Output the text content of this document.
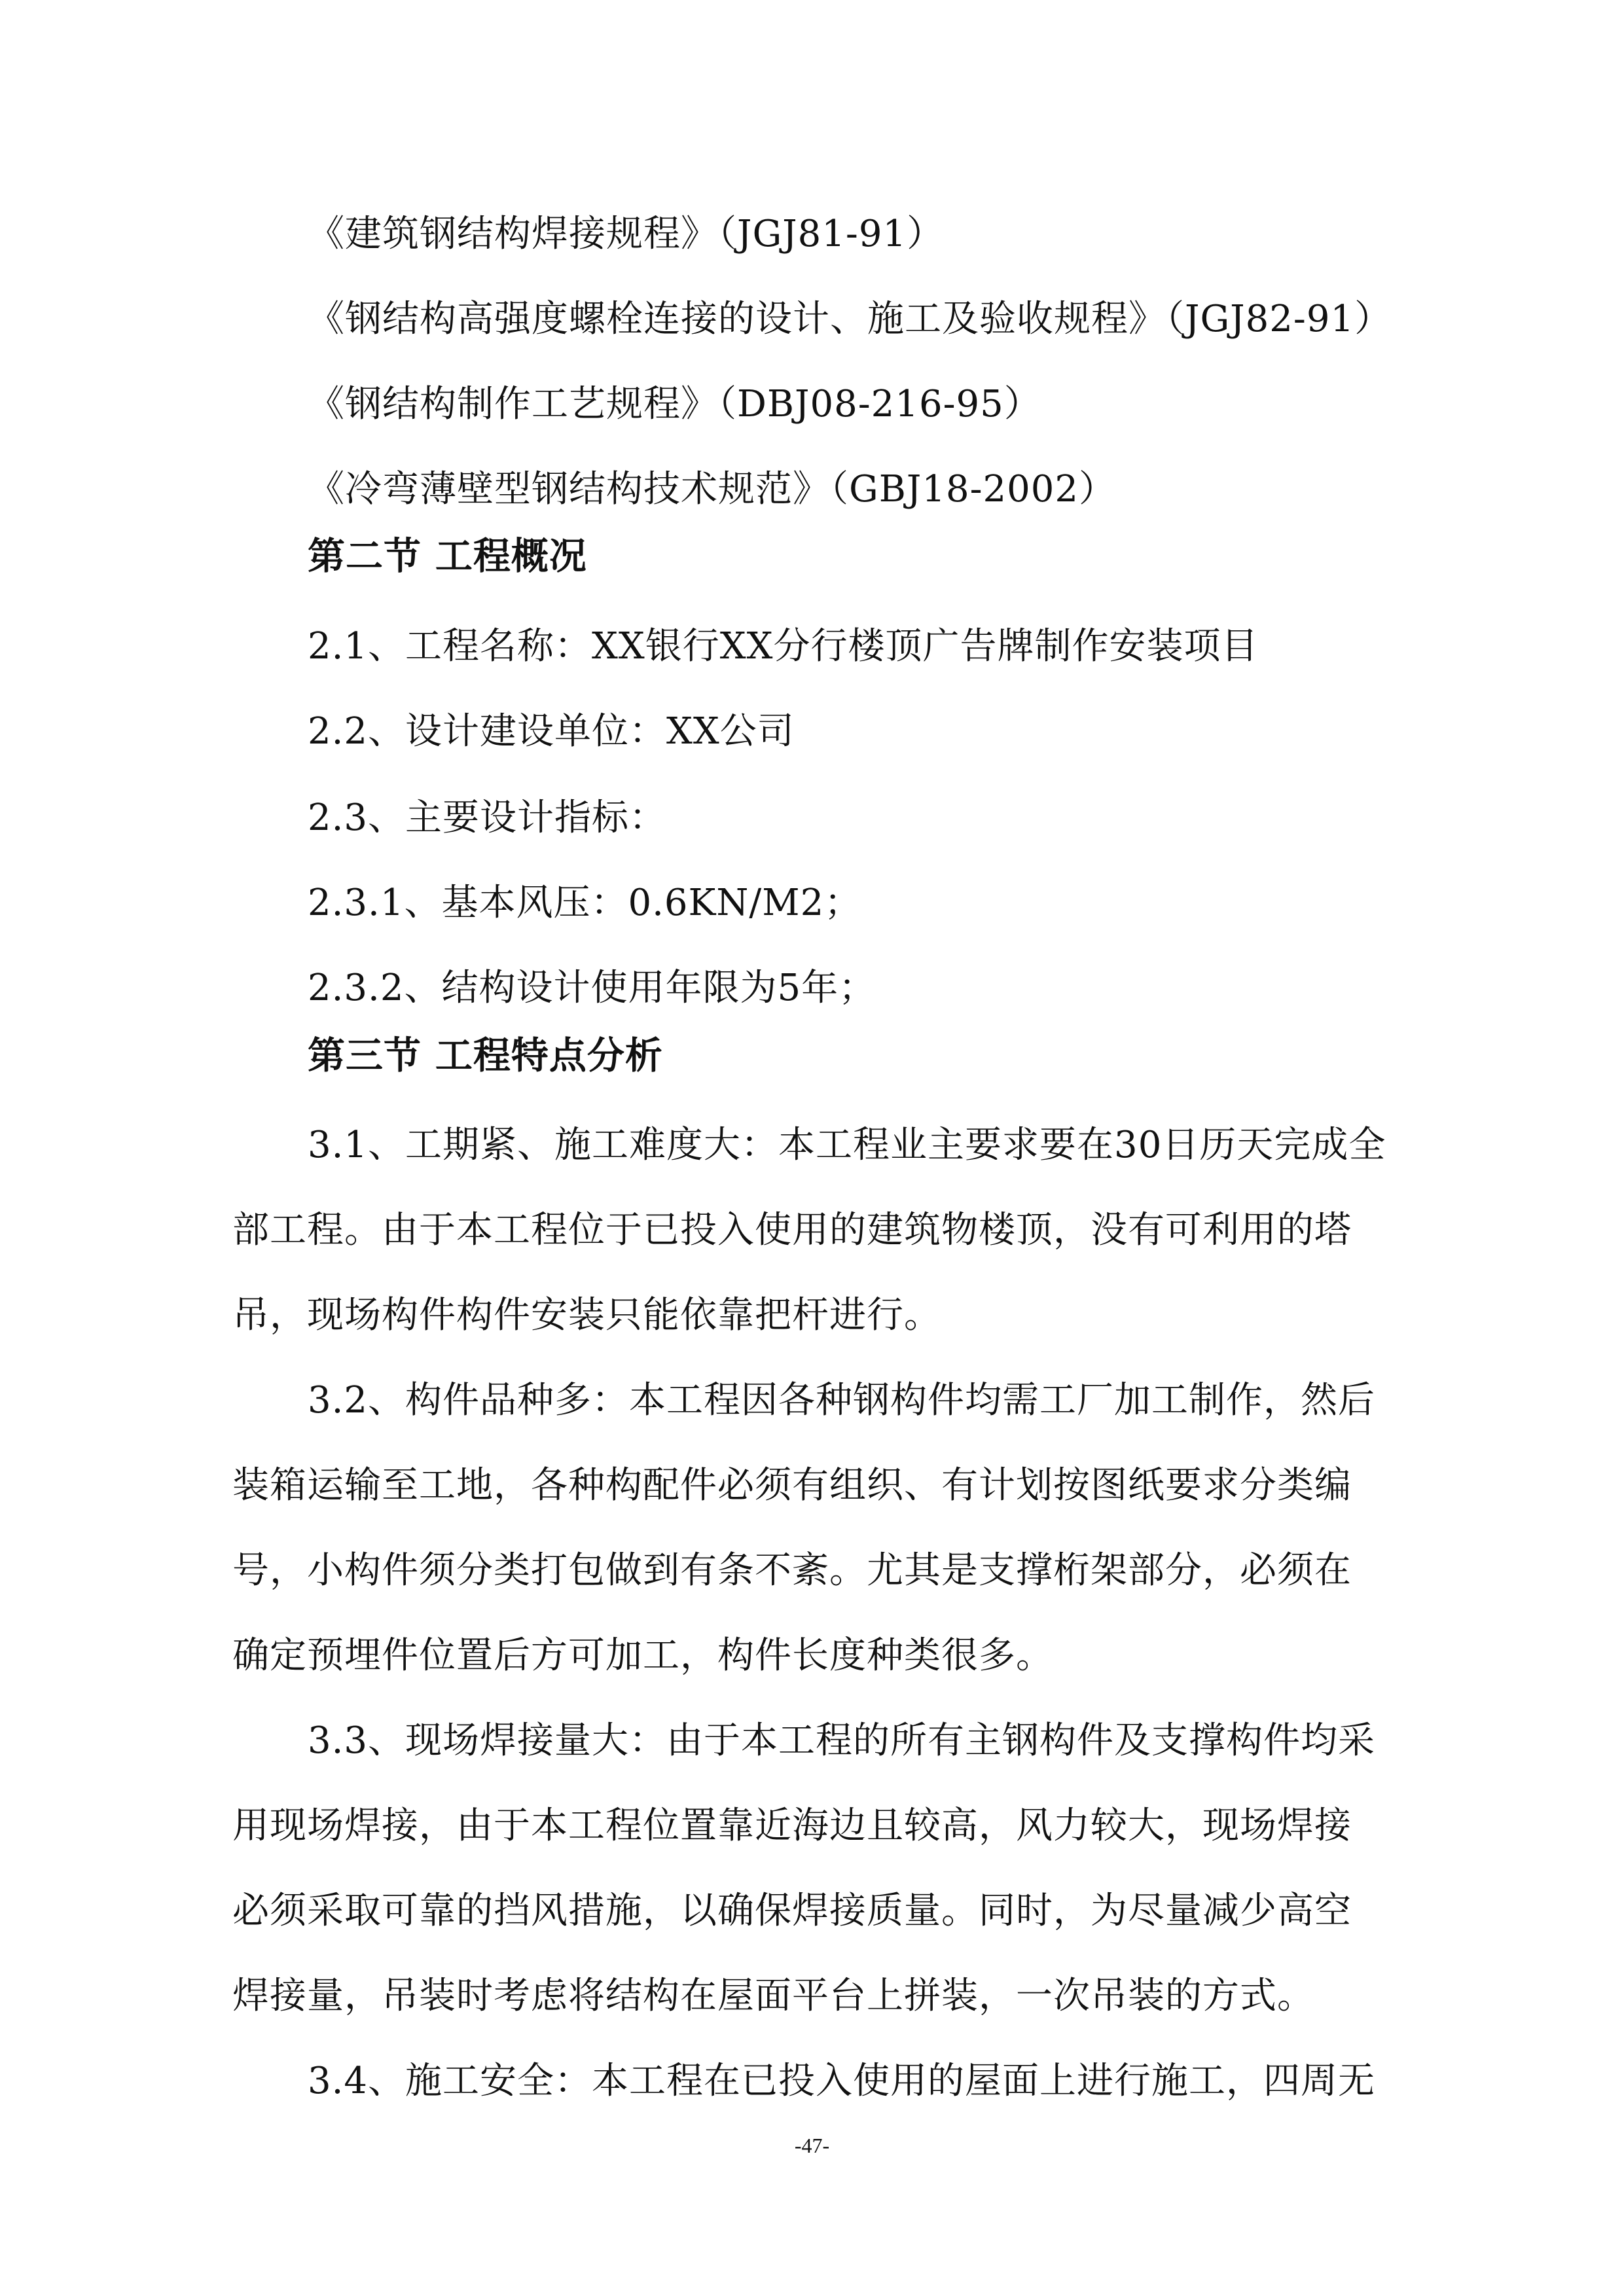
《建筑钢结构焊接规程》（JGJ81-91）
《钢结构高强度螺栓连接的设计、施工及验收规程》（JGJ82-91）
《钢结构制作工艺规程》（DBJ08-216-95）
《冷弯薄壁型钢结构技术规范》（GBJ18-2002）
第二节 工程概况
2.1、工程名称：XX银行XX分行楼顶广告牌制作安装项目
2.2、设计建设单位：XX公司
2.3、主要设计指标：
2.3.1、基本风压：0.6KN/M2；
2.3.2、结构设计使用年限为5年；
第三节 工程特点分析
3.1、工期紧、施工难度大：本工程业主要求要在30日历天完成全
部工程。由于本工程位于已投入使用的建筑物楼顶，没有可利用的塔
吊，现场构件构件安装只能依靠把杆进行。
3.2、构件品种多：本工程因各种钢构件均需工厂加工制作，然后
装箱运输至工地，各种构配件必须有组织、有计划按图纸要求分类编
号，小构件须分类打包做到有条不紊。尤其是支撑桁架部分，必须在
确定预埋件位置后方可加工，构件长度种类很多。
3.3、现场焊接量大：由于本工程的所有主钢构件及支撑构件均采
用现场焊接，由于本工程位置靠近海边且较高，风力较大，现场焊接
必须采取可靠的挡风措施，以确保焊接质量。同时，为尽量减少高空
焊接量，吊装时考虑将结构在屋面平台上拼装，一次吊装的方式。
3.4、施工安全：本工程在已投入使用的屋面上进行施工，四周无
-47-
